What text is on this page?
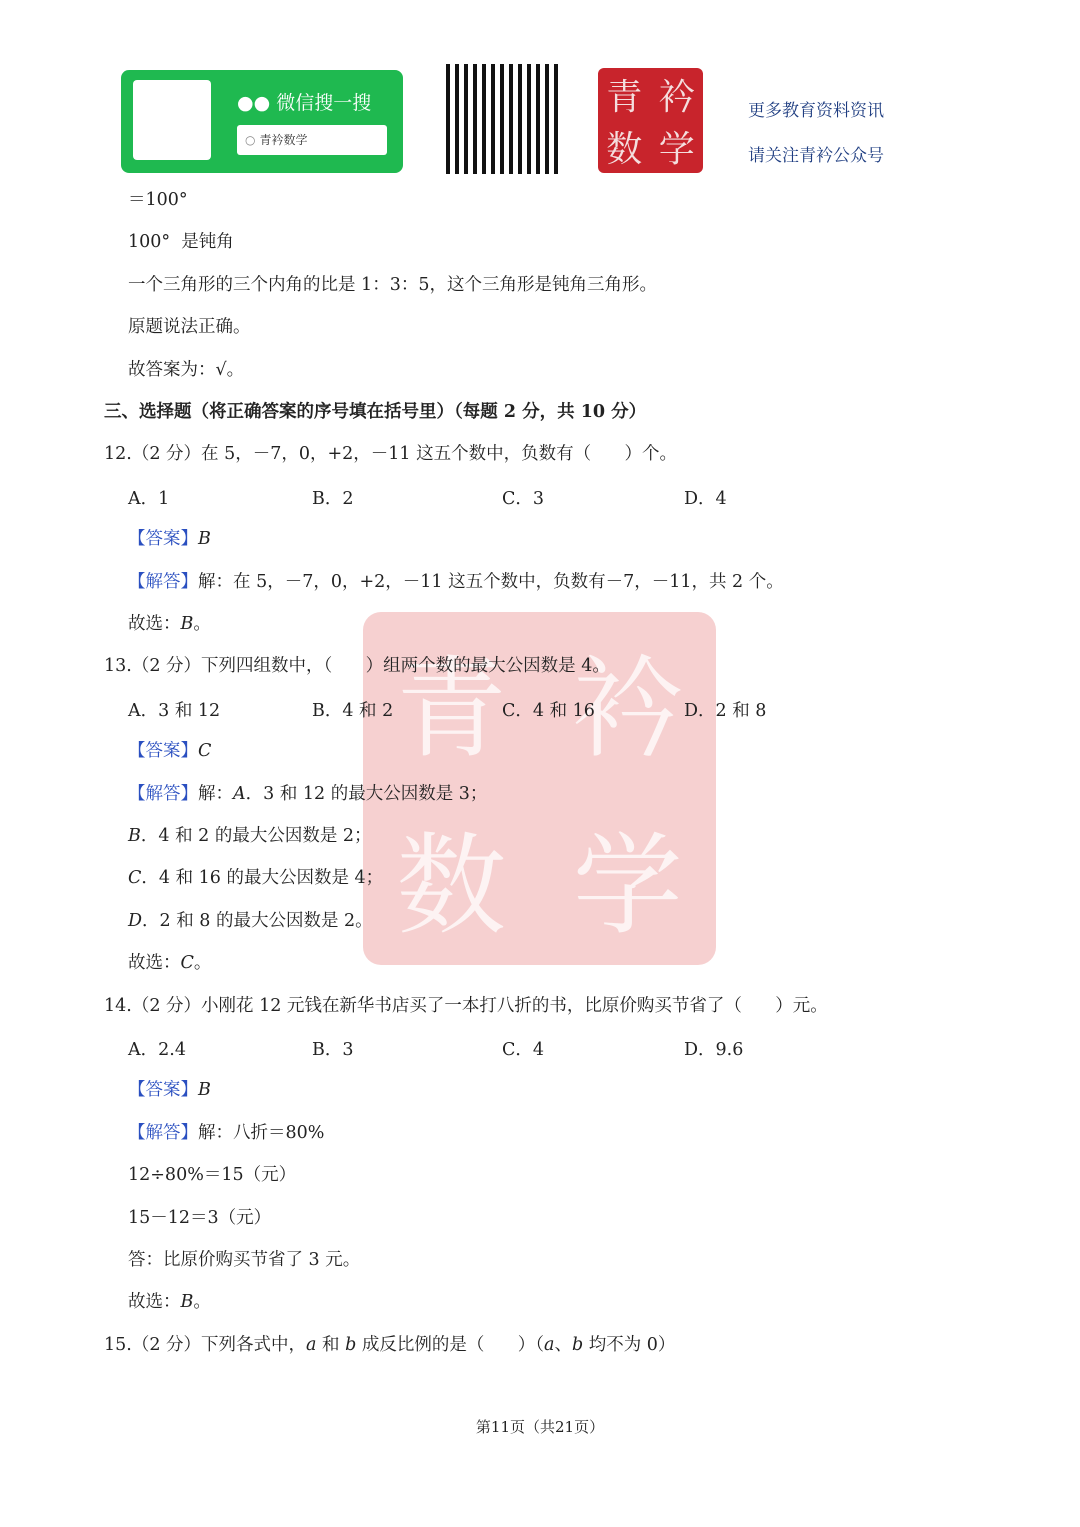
●● 微信搜一搜
○ 青衿数学
青 衿
数 学
更多教育资料资讯
请关注青衿公众号
青 衿
数 学
＝100°
100°  是钝角
一个三角形的三个内角的比是 1：3：5，这个三角形是钝角三角形。
原题说法正确。
故答案为：√。
三、选择题（将正确答案的序号填在括号里）（每题 2 分，共 10 分）
12.（2 分）在 5，－7，0，+2，－11 这五个数中，负数有（      ）个。
A．1	B．2	C．3	D．4
【答案】B
【解答】解：在 5，－7，0，+2，－11 这五个数中，负数有－7，－11，共 2 个。
故选：B。
13.（2 分）下列四组数中，（      ）组两个数的最大公因数是 4。
A．3 和 12	B．4 和 2	C．4 和 16	D．2 和 8
【答案】C
【解答】解：A．3 和 12 的最大公因数是 3；
B．4 和 2 的最大公因数是 2；
C．4 和 16 的最大公因数是 4；
D．2 和 8 的最大公因数是 2。
故选：C。
14.（2 分）小刚花 12 元钱在新华书店买了一本打八折的书，比原价购买节省了（      ）元。
A．2.4	B．3	C．4	D．9.6
【答案】B
【解答】解：八折＝80%
12÷80%＝15（元）
15－12＝3（元）
答：比原价购买节省了 3 元。
故选：B。
15.（2 分）下列各式中，a 和 b 成反比例的是（      ）（a、b 均不为 0）
第11页（共21页）
